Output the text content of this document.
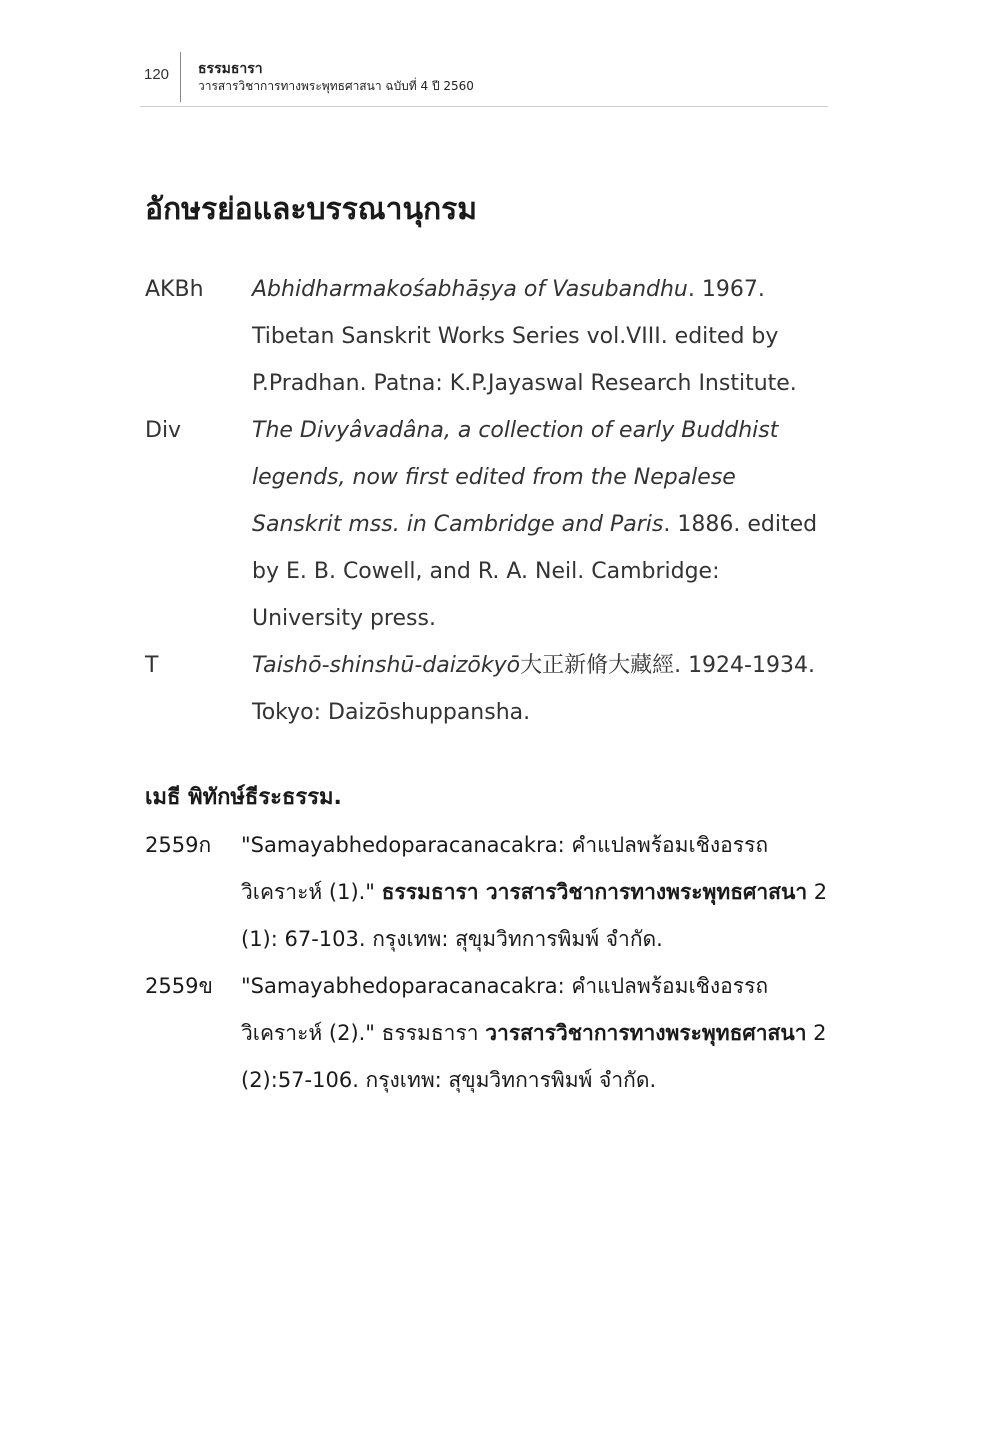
120 ธรรมธารา
วารสารวิชาการทางพระพุทธศาสนา ฉบับที่ 4 ปี 2560
อักษรย่อและบรรณานุกรม
AKBh	Abhidharmakośabhāṣya of Vasubandhu. 1967. Tibetan Sanskrit Works Series vol.VIII. edited by P.Pradhan. Patna: K.P.Jayaswal Research Institute.
Div	The Divyâvadâna, a collection of early Buddhist legends, now first edited from the Nepalese Sanskrit mss. in Cambridge and Paris. 1886. edited by E. B. Cowell, and R. A. Neil. Cambridge: University press.
T	Taishō-shinshū-daizōkyō大正新脩大藏經. 1924-1934. Tokyo: Daizōshuppansha.
เมธี พิทักษ์ธีระธรรม.
2559ก	"Samayabhedoparacanacakra: คำแปลพร้อมเชิงอรรถวิเคราะห์ (1)." ธรรมธารา วารสารวิชาการทางพระพุทธศาสนา 2 (1): 67-103. กรุงเทพ: สุขุมวิทการพิมพ์ จำกัด.
2559ข	"Samayabhedoparacanacakra: คำแปลพร้อมเชิงอรรถวิเคราะห์ (2)." ธรรมธารา วารสารวิชาการทางพระพุทธศาสนา 2 (2):57-106. กรุงเทพ: สุขุมวิทการพิมพ์ จำกัด.
